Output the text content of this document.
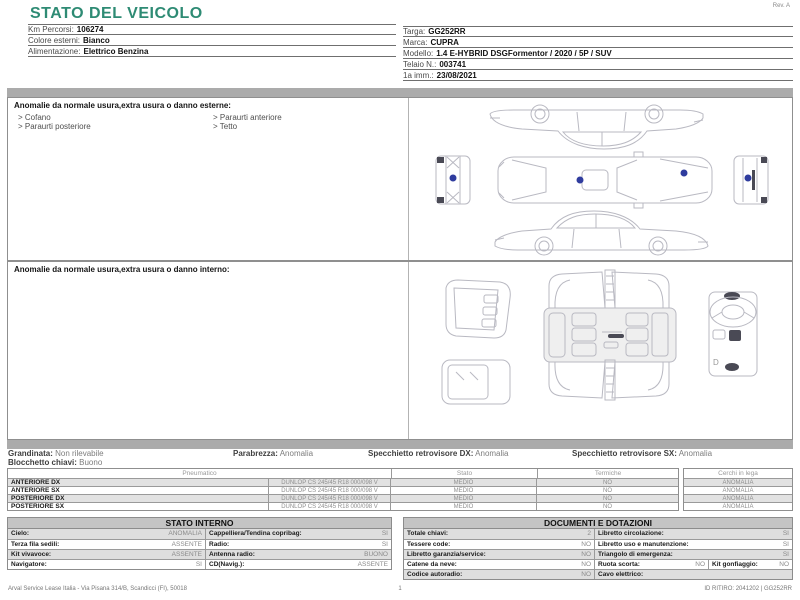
STATO DEL VEICOLO	Rev. A
Km Percorsi: 106274
Colore esterni: Bianco
Alimentazione: Elettrico Benzina
Targa: GG252RR
Marca: CUPRA
Modello: 1.4 E-HYBRID DSGFormentor / 2020 / 5P / SUV
Telaio N.: 003741
1a imm.: 23/08/2021
Anomalie da normale usura,extra usura o danno esterne:
> Cofano
> Paraurti posteriore
> Paraurti anteriore
> Tetto
Anomalie da normale usura,extra usura o danno interno:
D
Grandinata: Non rilevabile
Blocchetto chiavi: Buono
Parabrezza: Anomalia	Specchietto retrovisore DX: Anomalia	Specchietto retrovisore SX: Anomalia
Pneumatico	Stato	Termiche
ANTERIORE DX	DUNLOP CS 245/45 R18 000/098 V	MEDIO	NO
ANTERIORE SX	DUNLOP CS 245/45 R18 000/098 V	MEDIO	NO
POSTERIORE DX	DUNLOP CS 245/45 R18 000/098 V	MEDIO	NO
POSTERIORE SX	DUNLOP CS 245/45 R18 000/098 V	MEDIO	NO
Cerchi in lega
ANOMALIA
ANOMALIA
ANOMALIA
ANOMALIA
STATO INTERNO
Cielo:	ANOMALIA	Cappelliera/Tendina copribag:	SI
Terza fila sedili:	ASSENTE	Radio:	SI
Kit vivavoce:	ASSENTE	Antenna radio:	BUONO
Navigatore:	SI	CD(Navig.):	ASSENTE
DOCUMENTI E DOTAZIONI
Totale chiavi:	2	Libretto circolazione:	SI
Tessere code:	NO	Libretto uso e manutenzione:	SI
Libretto garanzia/service:	NO	Triangolo di emergenza:	SI
Catene da neve:	NO	Ruota scorta:	NO	Kit gonfiaggio:	NO
Codice autoradio:	NO	Cavo elettrico:
Arval Service Lease Italia - Via Pisana 314/B, Scandicci (FI), 50018	1	ID RITIRO: 2041202 | GG252RR
